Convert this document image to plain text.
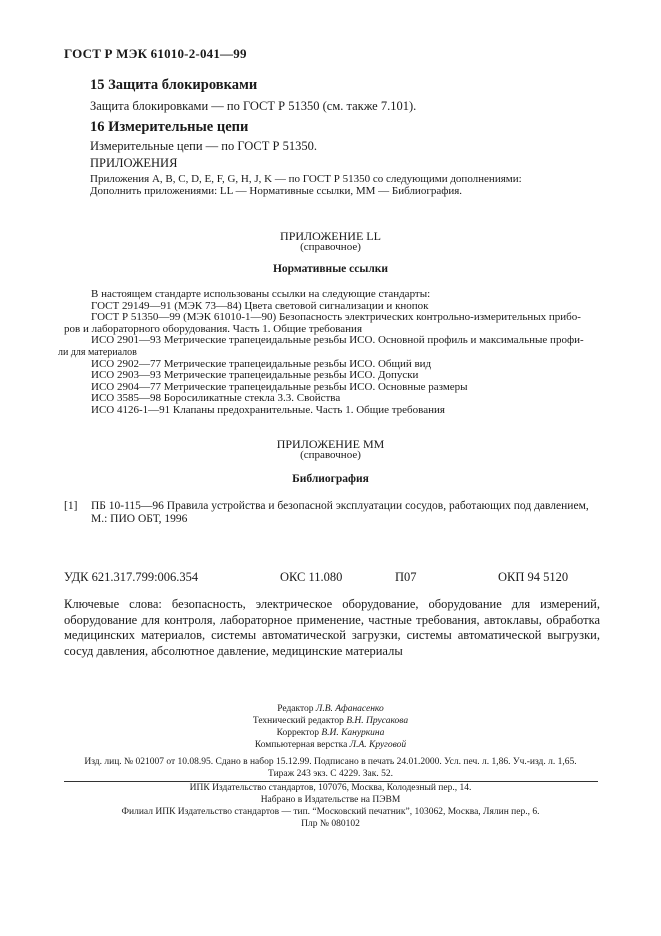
ГОСТ Р МЭК 61010-2-041—99
15 Защита блокировками
Защита блокировками — по ГОСТ Р 51350 (см. также 7.101).
16 Измерительные цепи
Измерительные цепи — по ГОСТ Р 51350.
ПРИЛОЖЕНИЯ
Приложения A, B, C, D, E, F, G, H, J, K — по ГОСТ Р 51350 со следующими дополнениями:
Дополнить приложениями: LL — Нормативные ссылки, MM — Библиография.
ПРИЛОЖЕНИЕ LL
(справочное)
Нормативные ссылки
В настоящем стандарте использованы ссылки на следующие стандарты:
ГОСТ 29149—91 (МЭК 73—84) Цвета световой сигнализации и кнопок
ГОСТ Р 51350—99 (МЭК 61010-1—90) Безопасность электрических контрольно-измерительных прибо-
ров и лабораторного оборудования. Часть 1. Общие требования
ИСО 2901—93 Метрические трапецеидальные резьбы ИСО. Основной профиль и максимальные профи-
ли для материалов
ИСО 2902—77 Метрические трапецеидальные резьбы ИСО. Общий вид
ИСО 2903—93 Метрические трапецеидальные резьбы ИСО. Допуски
ИСО 2904—77 Метрические трапецеидальные резьбы ИСО. Основные размеры
ИСО 3585—98 Боросиликатные стекла 3.3. Свойства
ИСО 4126-1—91 Клапаны предохранительные. Часть 1. Общие требования
ПРИЛОЖЕНИЕ MM
(справочное)
Библиография
[1] ПБ 10-115—96 Правила устройства и безопасной эксплуатации сосудов, работающих под давлением, М.: ПИО ОБТ, 1996
УДК 621.317.799:006.354	ОКС 11.080	П07	ОКП 94 5120
Ключевые слова: безопасность, электрическое оборудование, оборудование для измерений, оборудование для контроля, лабораторное применение, частные требования, автоклавы, обработка медицинских материалов, системы автоматической загрузки, системы автоматической выгрузки, сосуд давления, абсолютное давление, медицинские материалы
Редактор Л.В. Афанасенко
Технический редактор В.Н. Прусакова
Корректор В.И. Кануркина
Компьютерная верстка Л.А. Круговой
Изд. лиц. № 021007 от 10.08.95. Сдано в набор 15.12.99. Подписано в печать 24.01.2000. Усл. печ. л. 1,86. Уч.-изд. л. 1,65.
Тираж 243 экз. С 4229. Зак. 52.
ИПК Издательство стандартов, 107076, Москва, Колодезный пер., 14.
Набрано в Издательстве на ПЭВМ
Филиал ИПК Издательство стандартов — тип. “Московский печатник”, 103062, Москва, Лялин пер., 6.
Плр № 080102
